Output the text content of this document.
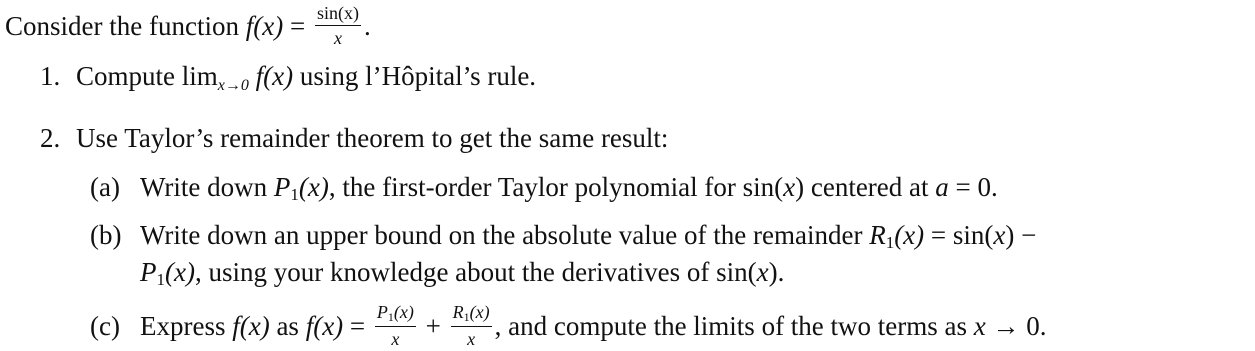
Consider the function $f(x) = \frac{\sin(x)}{x}$ .
1. Compute limx→0 f(x) using l’Hôpital’s rule.
2. Use Taylor’s remainder theorem to get the same result:
(a) Write down $P_1(x)$, the first-order Taylor polynomial for sin(x) centered at a = 0.
(b) Write down an upper bound on the absolute value of the remainder $R_1(x) = \sin(x)$ −
$P_1(x)$, using your knowledge about the derivatives of sin(x).
(c) Express f(x) as $f(x) = \frac{P_1(x)}{x} + \frac{R_1(x)}{x}$ , and compute the limits of the two terms as x → 0.
